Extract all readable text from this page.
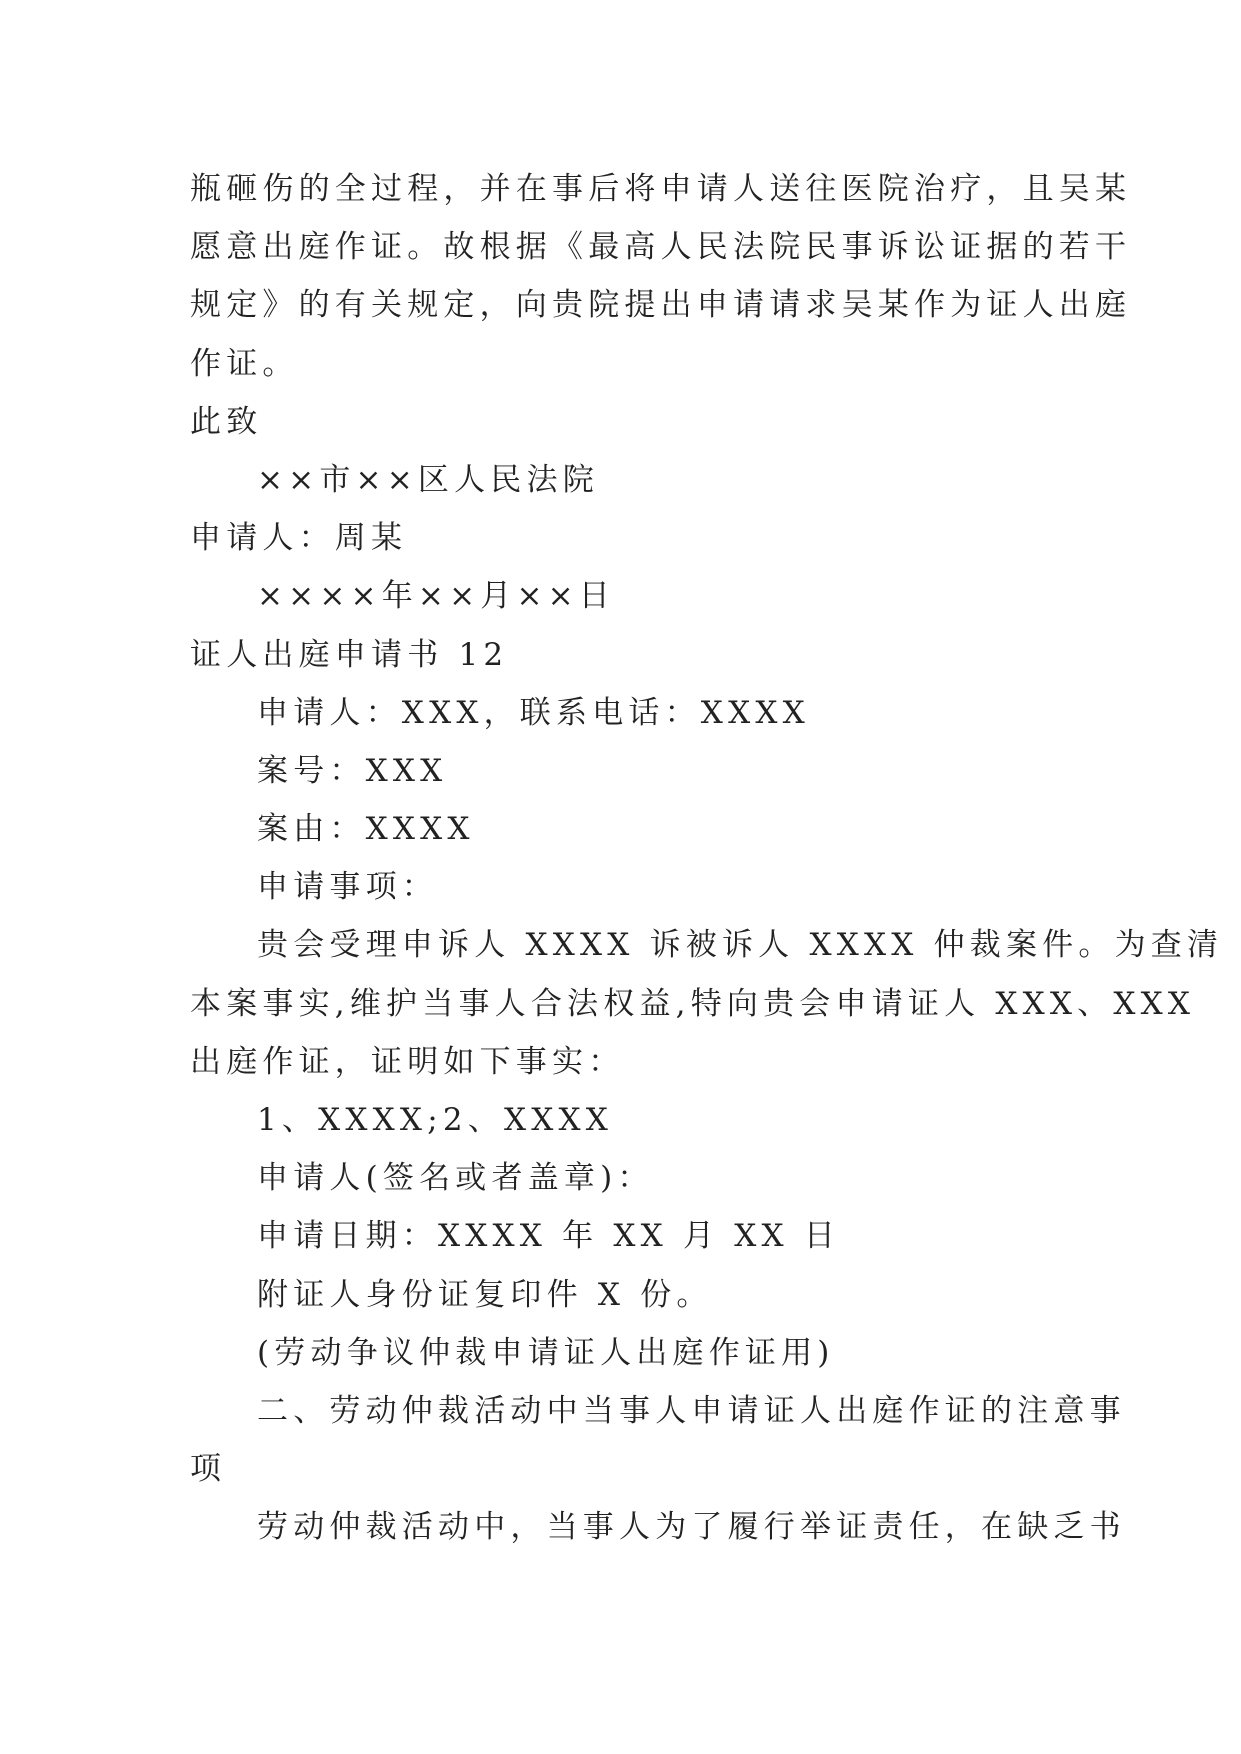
瓶砸伤的全过程，并在事后将申请人送往医院治疗，且吴某
愿意出庭作证。故根据《最高人民法院民事诉讼证据的若干
规定》的有关规定，向贵院提出申请请求吴某作为证人出庭
作证。
此致
××市××区人民法院
申请人：周某
××××年××月××日
证人出庭申请书 12
申请人：XXX，联系电话：XXXX
案号：XXX
案由：XXXX
申请事项：
贵会受理申诉人 XXXX 诉被诉人 XXXX 仲裁案件。为查清
本案事实,维护当事人合法权益,特向贵会申请证人 XXX、XXX
出庭作证，证明如下事实：
1、XXXX;2、XXXX
申请人(签名或者盖章)：
申请日期：XXXX 年 XX 月 XX 日
附证人身份证复印件 X 份。
(劳动争议仲裁申请证人出庭作证用)
二、劳动仲裁活动中当事人申请证人出庭作证的注意事
项
劳动仲裁活动中，当事人为了履行举证责任，在缺乏书
